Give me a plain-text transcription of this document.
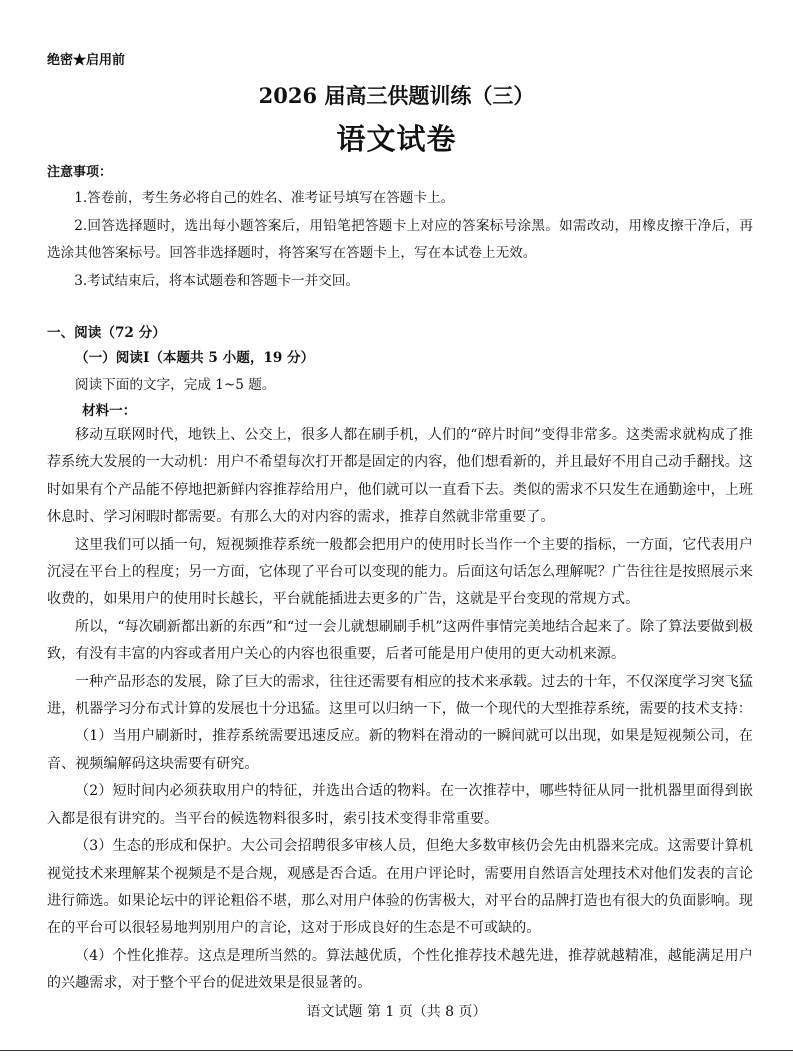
绝密★启用前
2026 届高三供题训练（三）
语文试卷
注意事项：

1.答卷前，考生务必将自己的姓名、准考证号填写在答题卡上。

2.回答选择题时，选出每小题答案后，用铅笔把答题卡上对应的答案标号涂黑。如需改动，用橡皮擦干净后，再选涂其他答案标号。回答非选择题时，将答案写在答题卡上，写在本试卷上无效。

3.考试结束后，将本试题卷和答题卡一并交回。

一、阅读（72 分）
（一）阅读Ⅰ（本题共 5 小题，19 分）
阅读下面的文字，完成 1~5 题。
材料一：

移动互联网时代，地铁上、公交上，很多人都在刷手机，人们的“碎片时间”变得非常多。这类需求就构成了推荐系统大发展的一大动机：用户不希望每次打开都是固定的内容，他们想看新的，并且最好不用自己动手翻找。这时如果有个产品能不停地把新鲜内容推荐给用户，他们就可以一直看下去。类似的需求不只发生在通勤途中，上班休息时、学习闲暇时都需要。有那么大的对内容的需求，推荐自然就非常重要了。

这里我们可以插一句，短视频推荐系统一般都会把用户的使用时长当作一个主要的指标，一方面，它代表用户沉浸在平台上的程度；另一方面，它体现了平台可以变现的能力。后面这句话怎么理解呢？广告往往是按照展示来收费的，如果用户的使用时长越长，平台就能插进去更多的广告，这就是平台变现的常规方式。

所以，“每次刷新都出新的东西”和“过一会儿就想刷刷手机”这两件事情完美地结合起来了。除了算法要做到极致，有没有丰富的内容或者用户关心的内容也很重要，后者可能是用户使用的更大动机来源。

一种产品形态的发展，除了巨大的需求，往往还需要有相应的技术来承载。过去的十年，不仅深度学习突飞猛进，机器学习分布式计算的发展也十分迅猛。这里可以归纳一下，做一个现代的大型推荐系统，需要的技术支持：

（1）当用户刷新时，推荐系统需要迅速反应。新的物料在滑动的一瞬间就可以出现，如果是短视频公司，在音、视频编解码这块需要有研究。

（2）短时间内必须获取用户的特征，并选出合适的物料。在一次推荐中，哪些特征从同一批机器里面得到嵌入都是很有讲究的。当平台的候选物料很多时，索引技术变得非常重要。

（3）生态的形成和保护。大公司会招聘很多审核人员，但绝大多数审核仍会先由机器来完成。这需要计算机视觉技术来理解某个视频是不是合规，观感是否合适。在用户评论时，需要用自然语言处理技术对他们发表的言论进行筛选。如果论坛中的评论粗俗不堪，那么对用户体验的伤害极大，对平台的品牌打造也有很大的负面影响。现在的平台可以很轻易地判别用户的言论，这对于形成良好的生态是不可或缺的。

（4）个性化推荐。这点是理所当然的。算法越优质，个性化推荐技术越先进，推荐就越精准，越能满足用户的兴趣需求，对于整个平台的促进效果是很显著的。

语文试题 第 1 页（共 8 页）
